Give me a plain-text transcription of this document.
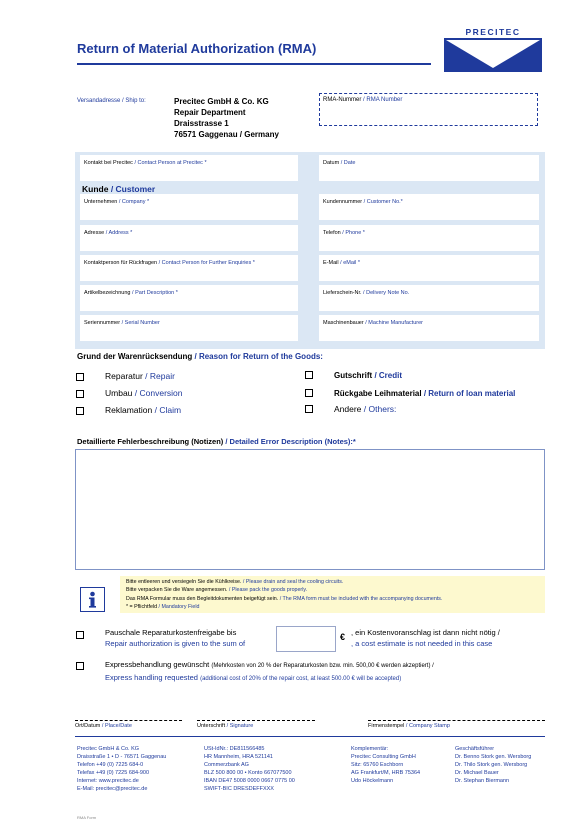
Return of Material Authorization (RMA)
PRECITEC
Versandadresse / Ship to:	Precitec GmbH & Co. KG
Repair Department
Draisstrasse 1
76571 Gaggenau / Germany
RMA-Nummer / RMA Number
Kontakt bei Precitec / Contact Person at Precitec *	Datum / Date
Kunde / Customer
Unternehmen / Company *	Kundennummer / Customer No.*
Adresse / Address *	Telefon / Phone *
Kontaktperson für Rückfragen / Contact Person for Further Enquiries *	E-Mail / eMail *
Artikelbezeichnung / Part Description *	Lieferschein-Nr. / Delivery Note No.
Seriennummer / Serial Number	Maschinenbauer / Machine Manufacturer
Grund der Warenrücksendung / Reason for Return of the Goods:
Reparatur / Repair
Umbau / Conversion
Reklamation / Claim
Gutschrift / Credit
Rückgabe Leihmaterial / Return of loan material
Andere / Others:
Detaillierte Fehlerbeschreibung (Notizen) / Detailed Error Description (Notes):*
Bitte entleeren und versiegeln Sie die Kühlkreise. / Please drain and seal the cooling circuits.
Bitte verpacken Sie die Ware angemessen. / Please pack the goods properly.
Das RMA Formular muss den Begleitdokumenten beigefügt sein. / The RMA form must be included with the accompanying documents.
* = Pflichtfeld / Mandatory Field
Pauschale Reparaturkostenfreigabe bis
Repair authorization is given to the sum of
€ , ein Kostenvoranschlag ist dann nicht nötig /
, a cost estimate is not needed in this case
Expressbehandlung gewünscht (Mehrkosten von 20 % der Reparaturkosten bzw. min. 500,00 € werden akzeptiert) /
Express handling requested (additional cost of 20% of the repair cost, at least 500.00 € will be accepted)
Ort/Datum / Place/Date	Unterschrift / Signature	Firmenstempel / Company Stamp
Precitec GmbH & Co. KG
Draisstraße 1 • D - 76571 Gaggenau
Telefon +49 (0) 7225 684-0
Telefax +49 (0) 7225 684-900
Internet: www.precitec.de
E-Mail: precitec@precitec.de
USt-IdNr.: DE811566485
HR Mannheim, HRA 521141
Commerzbank AG
BLZ 500 800 00 • Konto 667077500
IBAN DE47 5008 0000 0667 0775 00
SWIFT-BIC DRESDEFFXXX
Komplementär:
Precitec Consulting GmbH
Sitz: 65760 Eschborn
AG Frankfurt/M, HRB 75364
Udo Höckelmann
Geschäftsführer
Dr. Benno Stork gen. Wersborg
Dr. Thilo Stork gen. Wersborg
Dr. Michael Bauer
Dr. Stephan Biermann
RMA Form
